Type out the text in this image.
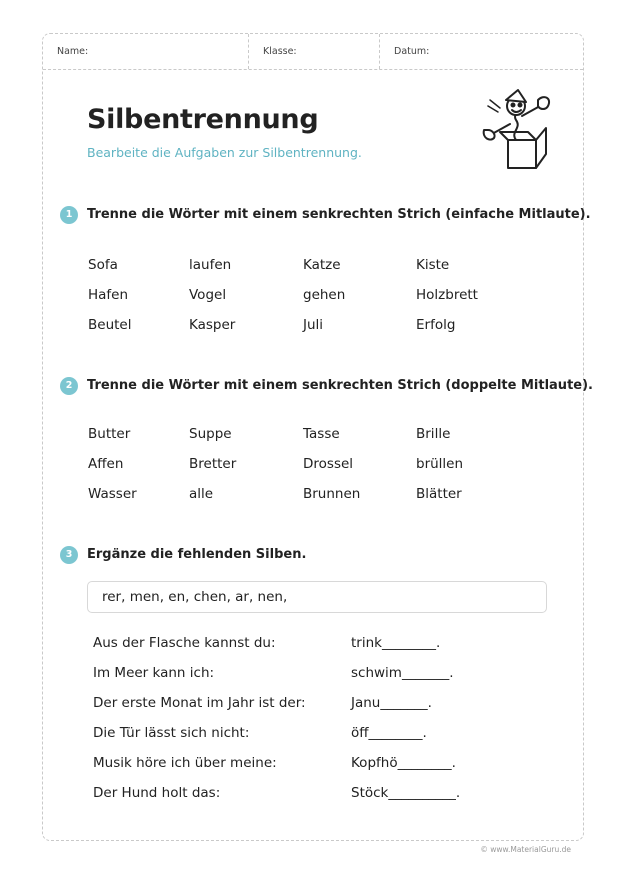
Name:	Klasse:	Datum:
Silbentrennung
Bearbeite die Aufgaben zur Silbentrennung.
1	Trenne die Wörter mit einem senkrechten Strich (einfache Mitlaute).
Sofa	laufen	Katze	Kiste
Hafen	Vogel	gehen	Holzbrett
Beutel	Kasper	Juli	Erfolg
2	Trenne die Wörter mit einem senkrechten Strich (doppelte Mitlaute).
Butter	Suppe	Tasse	Brille
Affen	Bretter	Drossel	brüllen
Wasser	alle	Brunnen	Blätter
3	Ergänze die fehlenden Silben.
rer, men, en, chen, ar, nen,
Aus der Flasche kannst du:	trink________.
Im Meer kann ich:	schwim_______.
Der erste Monat im Jahr ist der:	Janu_______.
Die Tür lässt sich nicht:	öff________.
Musik höre ich über meine:	Kopfhö________.
Der Hund holt das:	Stöck__________.
© www.MaterialGuru.de
